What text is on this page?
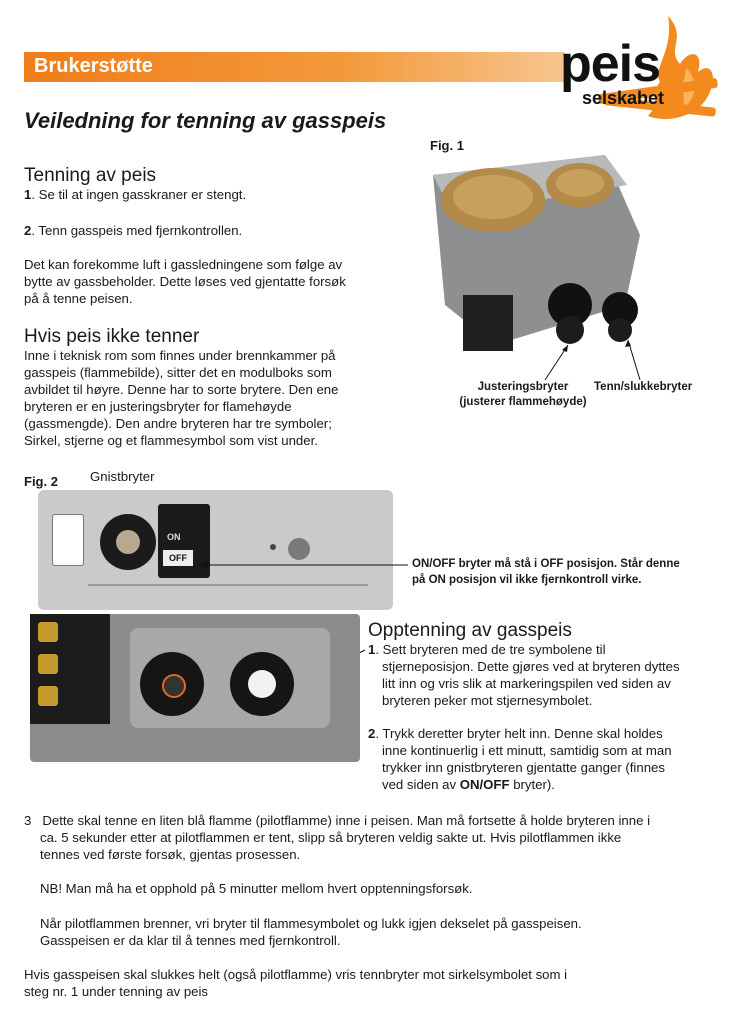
Brukerstøtte	peis
selskabet
Veiledning for tenning av gasspeis
Tenning av peis
1. Se til at ingen gasskraner er stengt.
2. Tenn gasspeis med fjernkontrollen.
Det kan forekomme luft i gassledningene som følge av
bytte av gassbeholder. Dette løses ved gjentatte forsøk
på å tenne peisen.
Hvis peis ikke tenner
Inne i teknisk rom som finnes under brennkammer på
gasspeis (flammebilde), sitter det en modulboks som
avbildet til høyre. Denne har to sorte brytere. Den ene
bryteren er en justeringsbryter for flamehøyde
(gassmengde). Den andre bryteren har tre symboler;
Sirkel, stjerne og et flammesymbol som vist under.
Fig. 1
Justeringsbryter
(justerer flammehøyde)
Tenn/slukkebryter
Fig. 2 Gnistbryter
ON
OFF	ON/OFF bryter må stå i OFF posisjon. Står denne
på ON posisjon vil ikke fjernkontroll virke.
Opptenning av gasspeis
1. Sett bryteren med de tre symbolene til
stjerneposisjon. Dette gjøres ved at bryteren dyttes
litt inn og vris slik at markeringspilen ved siden av
bryteren peker mot stjernesymbolet.
2. Trykk deretter bryter helt inn. Denne skal holdes
inne kontinuerlig i ett minutt, samtidig som at man
trykker inn gnistbryteren gjentatte ganger (finnes
ved siden av ON/OFF bryter).
3 Dette skal tenne en liten blå flamme (pilotflamme) inne i peisen. Man må fortsette å holde bryteren inne i
ca. 5 sekunder etter at pilotflammen er tent, slipp så bryteren veldig sakte ut. Hvis pilotflammen ikke
tennes ved første forsøk, gjentas prosessen.
NB! Man må ha et opphold på 5 minutter mellom hvert opptenningsforsøk.
Når pilotflammen brenner, vri bryter til flammesymbolet og lukk igjen dekselet på gasspeisen.
Gasspeisen er da klar til å tennes med fjernkontroll.
Hvis gasspeisen skal slukkes helt (også pilotflamme) vris tennbryter mot sirkelsymbolet som i
steg nr. 1 under tenning av peis
